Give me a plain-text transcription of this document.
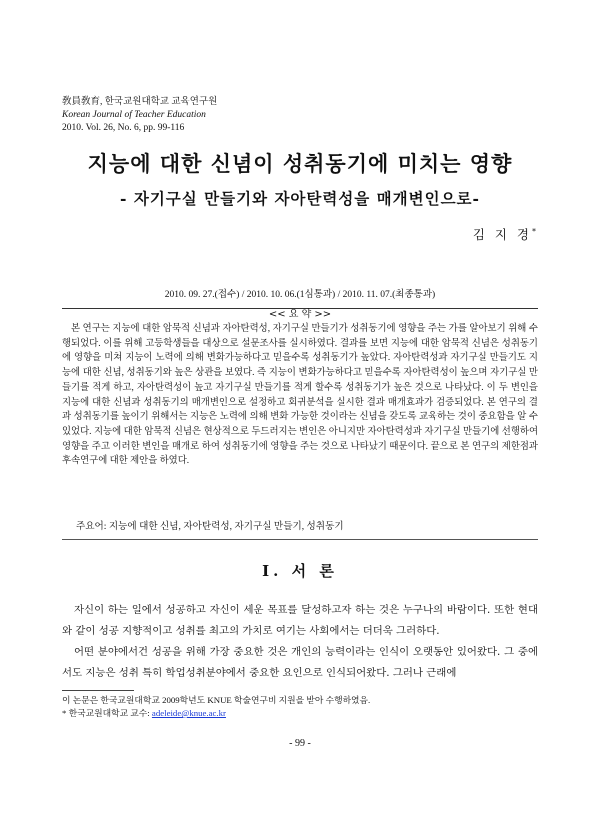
敎員敎育, 한국교원대학교 교육연구원
Korean Journal of Teacher Education
2010. Vol. 26, No. 6, pp. 99-116
지능에 대한 신념이 성취동기에 미치는 영향
- 자기구실 만들기와 자아탄력성을 매개변인으로-
김 지 경*
2010. 09. 27.(접수) / 2010. 10. 06.(1심통과) / 2010. 11. 07.(최종통과)
<< 요 약 >>
본 연구는 지능에 대한 암묵적 신념과 자아탄력성, 자기구실 만들기가 성취동기에 영향을 주는 가를 알아보기 위해 수행되었다. 이를 위해 고등학생들을 대상으로 설문조사를 실시하였다. 결과를 보면 지능에 대한 암묵적 신념은 성취동기에 영향을 미쳐 지능이 노력에 의해 변화가능하다고 믿을수록 성취동기가 높았다. 자아탄력성과 자기구실 만들기도 지능에 대한 신념, 성취동기와 높은 상관을 보였다. 즉 지능이 변화가능하다고 믿을수록 자아탄력성이 높으며 자기구실 만들기를 적게 하고, 자아탄력성이 높고 자기구실 만들기를 적게 할수록 성취동기가 높은 것으로 나타났다. 이 두 변인을 지능에 대한 신념과 성취동기의 매개변인으로 설정하고 회귀분석을 실시한 결과 매개효과가 검증되었다. 본 연구의 결과 성취동기를 높이기 위해서는 지능은 노력에 의해 변화 가능한 것이라는 신념을 갖도록 교육하는 것이 중요함을 알 수 있었다. 지능에 대한 암묵적 신념은 현상적으로 두드러지는 변인은 아니지만 자아탄력성과 자기구실 만들기에 선행하여 영향을 주고 이러한 변인을 매개로 하여 성취동기에 영향을 주는 것으로 나타났기 때문이다. 끝으로 본 연구의 제한점과 후속연구에 대한 제안을 하였다.
주요어: 지능에 대한 신념, 자아탄력성, 자기구실 만들기, 성취동기
Ⅰ. 서 론

자신이 하는 일에서 성공하고 자신이 세운 목표를 달성하고자 하는 것은 누구나의 바람이다. 또한 현대와 같이 성공 지향적이고 성취를 최고의 가치로 여기는 사회에서는 더더욱 그러하다.

어떤 분야에서건 성공을 위해 가장 중요한 것은 개인의 능력이라는 인식이 오랫동안 있어왔다. 그 중에서도 지능은 성취 특히 학업성취분야에서 중요한 요인으로 인식되어왔다. 그러나 근래에

이 논문은 한국교원대학교 2009학년도 KNUE 학술연구비 지원을 받아 수행하였음.
* 한국교원대학교 교수: adeleide@knue.ac.kr
- 99 -
